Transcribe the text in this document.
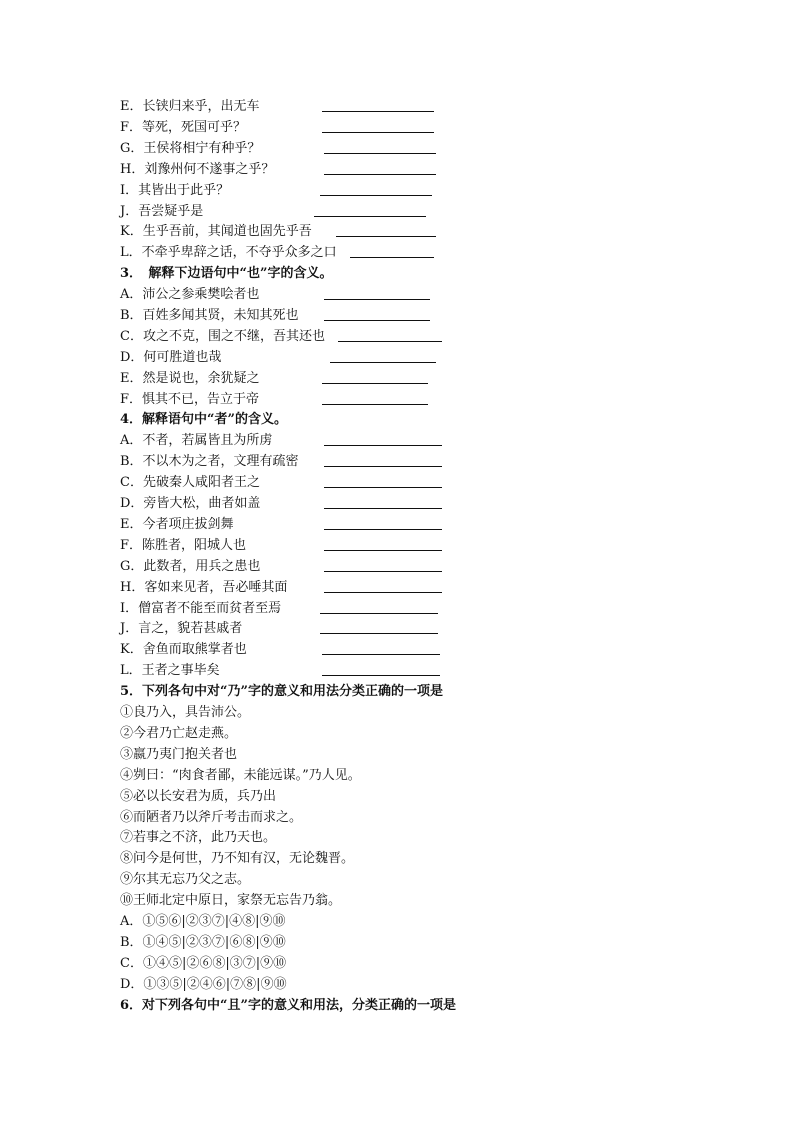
E．长铗归来乎，出无车
F．等死，死国可乎？
G．王侯将相宁有种乎？
H．刘豫州何不遂事之乎？
I．其皆出于此乎？
J．吾尝疑乎是
K．生乎吾前，其闻道也固先乎吾
L．不牵乎卑辞之话，不夺乎众多之口
3．　解释下边语句中“也”字的含义。
A．沛公之参乘樊哙者也
B．百姓多闻其贤，未知其死也
C．攻之不克，围之不继，吾其还也
D．何可胜道也哉
E．然是说也，余犹疑之
F．惧其不已，告立于帝
4．解释语句中“者”的含义。
A．不者，若属皆且为所虏
B．不以木为之者，文理有疏密
C．先破秦人咸阳者王之
D．旁皆大松，曲者如盖
E．今者项庄拔剑舞
F．陈胜者，阳城人也
G．此数者，用兵之患也
H．客如来见者，吾必唾其面
I．僧富者不能至而贫者至焉
J．言之，貌若甚戚者
K．舍鱼而取熊掌者也
L．王者之事毕矣
5．下列各句中对“乃”字的意义和用法分类正确的一项是
①良乃入，具告沛公。
②今君乃亡赵走燕。
③嬴乃夷门抱关者也
④刿曰：“肉食者鄙，未能远谋。”乃人见。
⑤必以长安君为质，兵乃出
⑥而陋者乃以斧斤考击而求之。
⑦若事之不济，此乃天也。
⑧问今是何世，乃不知有汉，无论魏晋。
⑨尔其无忘乃父之志。
⑩王师北定中原日，家祭无忘告乃翁。
A．①⑤⑥|②③⑦|④⑧|⑨⑩
B．①④⑤|②③⑦|⑥⑧|⑨⑩
C．①④⑤|②⑥⑧|③⑦|⑨⑩
D．①③⑤|②④⑥|⑦⑧|⑨⑩
6．对下列各句中“且”字的意义和用法，分类正确的一项是
